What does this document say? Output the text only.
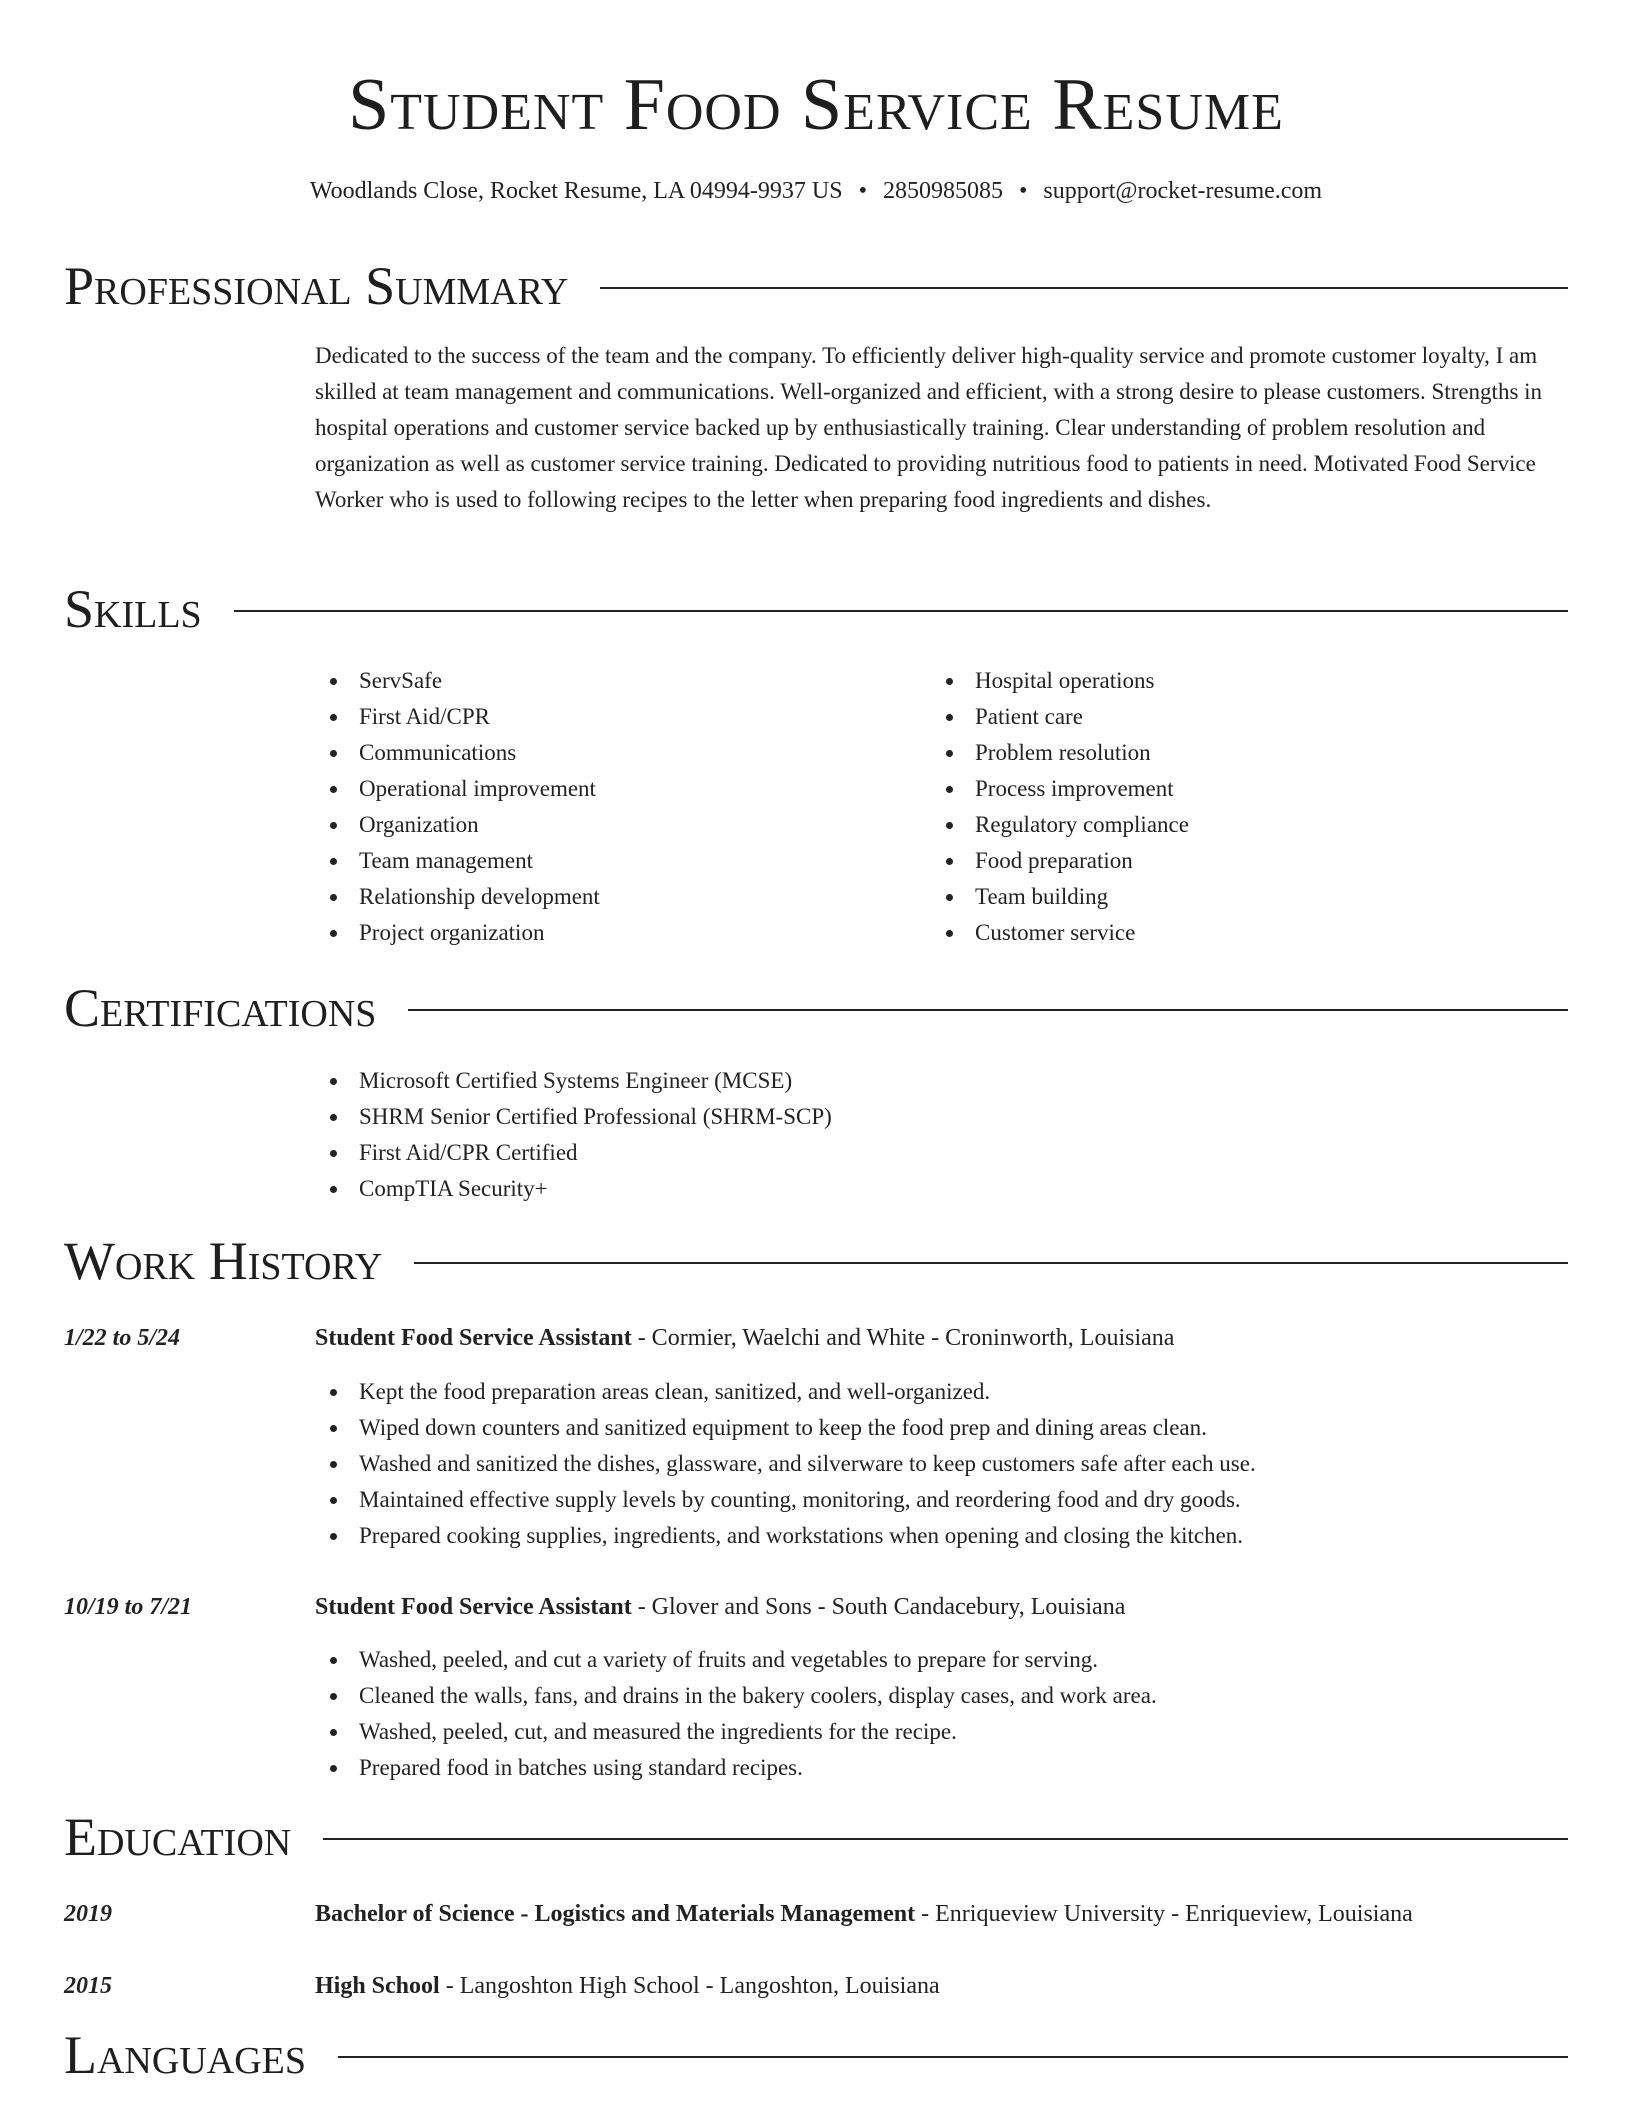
Student Food Service Resume
Woodlands Close, Rocket Resume, LA 04994-9937 US • 2850985085 • support@rocket-resume.com
Professional Summary
Dedicated to the success of the team and the company. To efficiently deliver high-quality service and promote customer loyalty, I am skilled at team management and communications. Well-organized and efficient, with a strong desire to please customers. Strengths in hospital operations and customer service backed up by enthusiastically training. Clear understanding of problem resolution and organization as well as customer service training. Dedicated to providing nutritious food to patients in need. Motivated Food Service Worker who is used to following recipes to the letter when preparing food ingredients and dishes.
Skills
ServSafe
First Aid/CPR
Communications
Operational improvement
Organization
Team management
Relationship development
Project organization
Hospital operations
Patient care
Problem resolution
Process improvement
Regulatory compliance
Food preparation
Team building
Customer service
Certifications
Microsoft Certified Systems Engineer (MCSE)
SHRM Senior Certified Professional (SHRM-SCP)
First Aid/CPR Certified
CompTIA Security+
Work History
1/22 to 5/24	Student Food Service Assistant - Cormier, Waelchi and White - Croninworth, Louisiana
Kept the food preparation areas clean, sanitized, and well-organized.
Wiped down counters and sanitized equipment to keep the food prep and dining areas clean.
Washed and sanitized the dishes, glassware, and silverware to keep customers safe after each use.
Maintained effective supply levels by counting, monitoring, and reordering food and dry goods.
Prepared cooking supplies, ingredients, and workstations when opening and closing the kitchen.
10/19 to 7/21	Student Food Service Assistant - Glover and Sons - South Candacebury, Louisiana
Washed, peeled, and cut a variety of fruits and vegetables to prepare for serving.
Cleaned the walls, fans, and drains in the bakery coolers, display cases, and work area.
Washed, peeled, cut, and measured the ingredients for the recipe.
Prepared food in batches using standard recipes.
Education
2019	Bachelor of Science - Logistics and Materials Management - Enriqueview University - Enriqueview, Louisiana
2015	High School - Langoshton High School - Langoshton, Louisiana
Languages
